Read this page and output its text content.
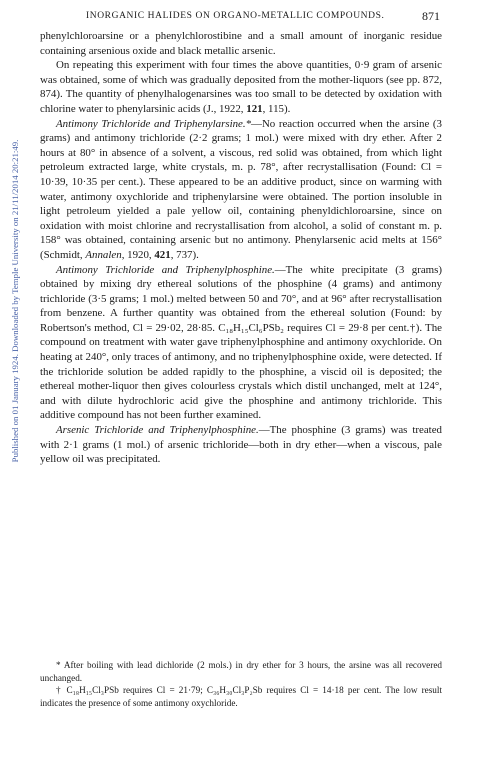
INORGANIC HALIDES ON ORGANO-METALLIC COMPOUNDS.	871
Published on 01 January 1924. Downloaded by Temple University on 21/11/2014 20:21:49.

phenylchloroarsine or a phenylchlorostibine and a small amount of inorganic residue containing arsenious oxide and black metallic arsenic.

On repeating this experiment with four times the above quantities, 0·9 gram of arsenic was obtained, some of which was gradually deposited from the mother-liquors (see pp. 872, 874). The quantity of phenylhalogenarsines was too small to be detected by oxidation with chlorine water to phenylarsinic acids (J., 1922, 121, 115).

Antimony Trichloride and Triphenylarsine.*—No reaction occurred when the arsine (3 grams) and antimony trichloride (2·2 grams; 1 mol.) were mixed with dry ether. After 2 hours at 80° in absence of a solvent, a viscous, red solid was obtained, from which light petroleum extracted large, white crystals, m. p. 78°, after recrystallisation (Found: Cl = 10·39, 10·35 per cent.). These appeared to be an additive product, since on warming with water, antimony oxychloride and triphenylarsine were obtained. The portion insoluble in light petroleum yielded a pale yellow oil, containing phenyldichloroarsine, since on oxidation with moist chlorine and recrystallisation from alcohol, a solid of constant m. p. 158° was obtained, containing arsenic but no antimony. Phenylarsenic acid melts at 156° (Schmidt, Annalen, 1920, 421, 737).

Antimony Trichloride and Triphenylphosphine.—The white precipitate (3 grams) obtained by mixing dry ethereal solutions of the phosphine (4 grams) and antimony trichloride (3·5 grams; 1 mol.) melted between 50 and 70°, and at 96° after recrystallisation from benzene. A further quantity was obtained from the ethereal solution (Found: by Robertson's method, Cl = 29·02, 28·85. C₁₈H₁₅Cl₆PSb₂ requires Cl = 29·8 per cent.†). The compound on treatment with water gave triphenylphosphine and antimony oxychloride. On heating at 240°, only traces of antimony, and no triphenylphosphine oxide, were detected. If the trichloride solution be added rapidly to the phosphine, a viscid oil is deposited; the ethereal mother-liquor then gives colourless crystals which distil unchanged, melt at 124°, and with dilute hydrochloric acid give the phosphine and antimony trichloride. This additive compound has not been further examined.

Arsenic Trichloride and Triphenylphosphine.—The phosphine (3 grams) was treated with 2·1 grams (1 mol.) of arsenic trichloride—both in dry ether—when a viscous, pale yellow oil was precipitated.

* After boiling with lead dichloride (2 mols.) in dry ether for 3 hours, the arsine was all recovered unchanged.

† C₁₈H₁₅Cl₃PSb requires Cl = 21·79; C₃₆H₃₀Cl₃P₂Sb requires Cl = 14·18 per cent. The low result indicates the presence of some antimony oxychloride.
